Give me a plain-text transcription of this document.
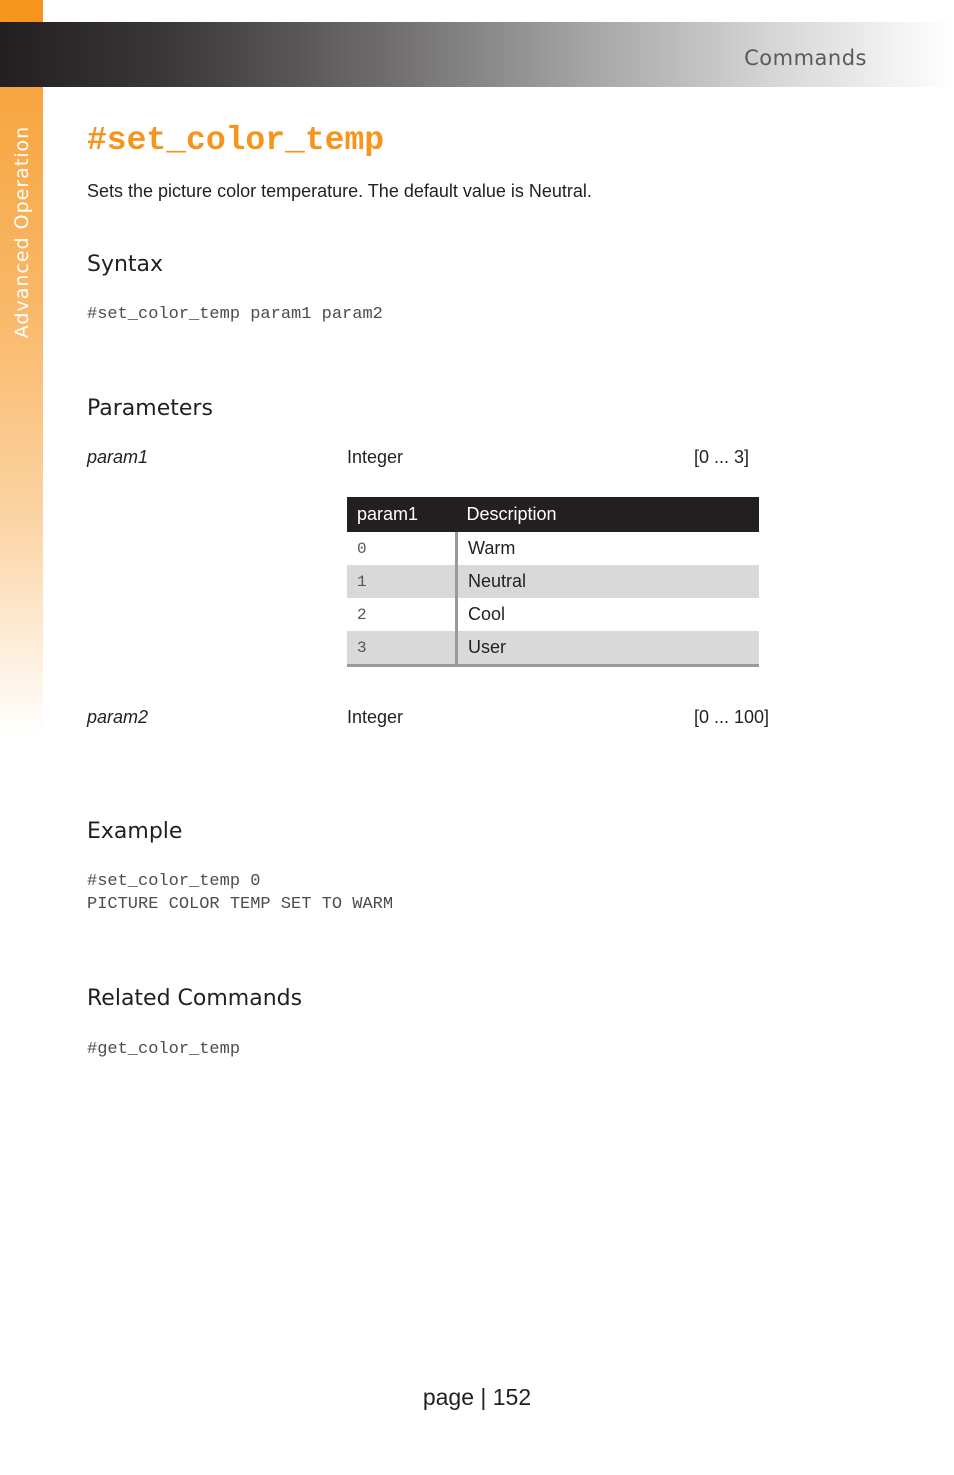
Advanced Operation
Commands
#set_color_temp
Sets the picture color temperature. The default value is Neutral.
Syntax
#set_color_temp param1 param2
Parameters
param1	Integer	[0 ... 3]
param1	Description
0	Warm
1	Neutral
2	Cool
3	User
param2	Integer	[0 ... 100]
Example
#set_color_temp 0
PICTURE COLOR TEMP SET TO WARM
Related Commands
#get_color_temp
page | 152
